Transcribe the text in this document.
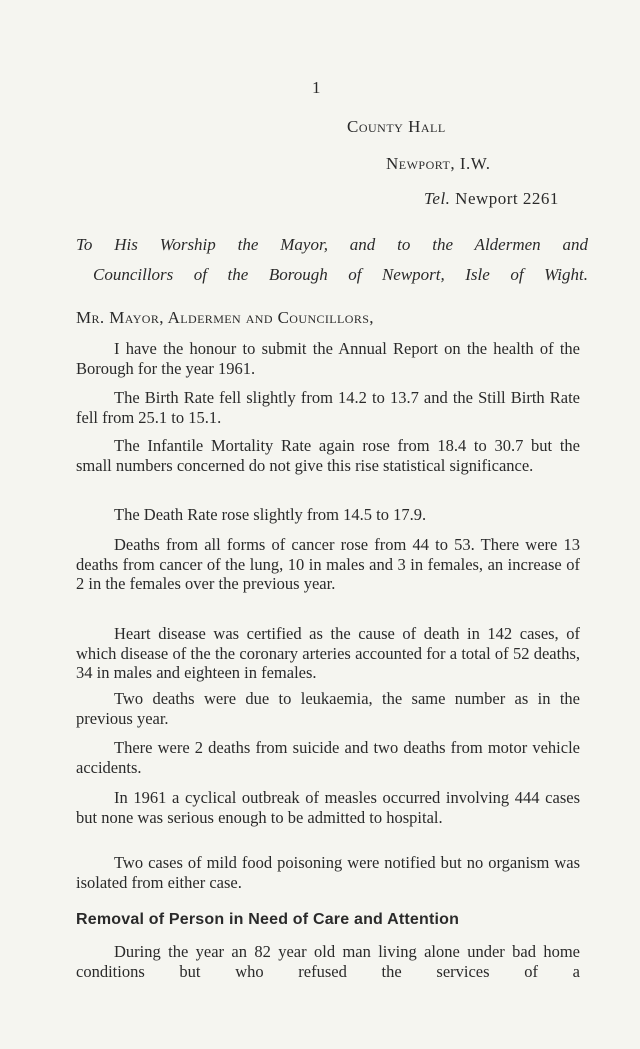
1
County Hall
Newport, I.W.
Tel. Newport 2261
To His Worship the Mayor, and to the Aldermen and
Councillors of the Borough of Newport, Isle of Wight.
Mr. Mayor, Aldermen and Councillors,

I have the honour to submit the Annual Report on the health of the Borough for the year 1961.

The Birth Rate fell slightly from 14.2 to 13.7 and the Still Birth Rate fell from 25.1 to 15.1.

The Infantile Mortality Rate again rose from 18.4 to 30.7 but the small numbers concerned do not give this rise statistical significance.

The Death Rate rose slightly from 14.5 to 17.9.

Deaths from all forms of cancer rose from 44 to 53. There were 13 deaths from cancer of the lung, 10 in males and 3 in females, an increase of 2 in the females over the previous year.

Heart disease was certified as the cause of death in 142 cases, of which disease of the the coronary arteries accounted for a total of 52 deaths, 34 in males and eighteen in females.

Two deaths were due to leukaemia, the same number as in the previous year.

There were 2 deaths from suicide and two deaths from motor vehicle accidents.

In 1961 a cyclical outbreak of measles occurred involving 444 cases but none was serious enough to be admitted to hospital.

Two cases of mild food poisoning were notified but no organism was isolated from either case.

Removal of Person in Need of Care and Attention

During the year an 82 year old man living alone under bad home conditions but who refused the services of a
